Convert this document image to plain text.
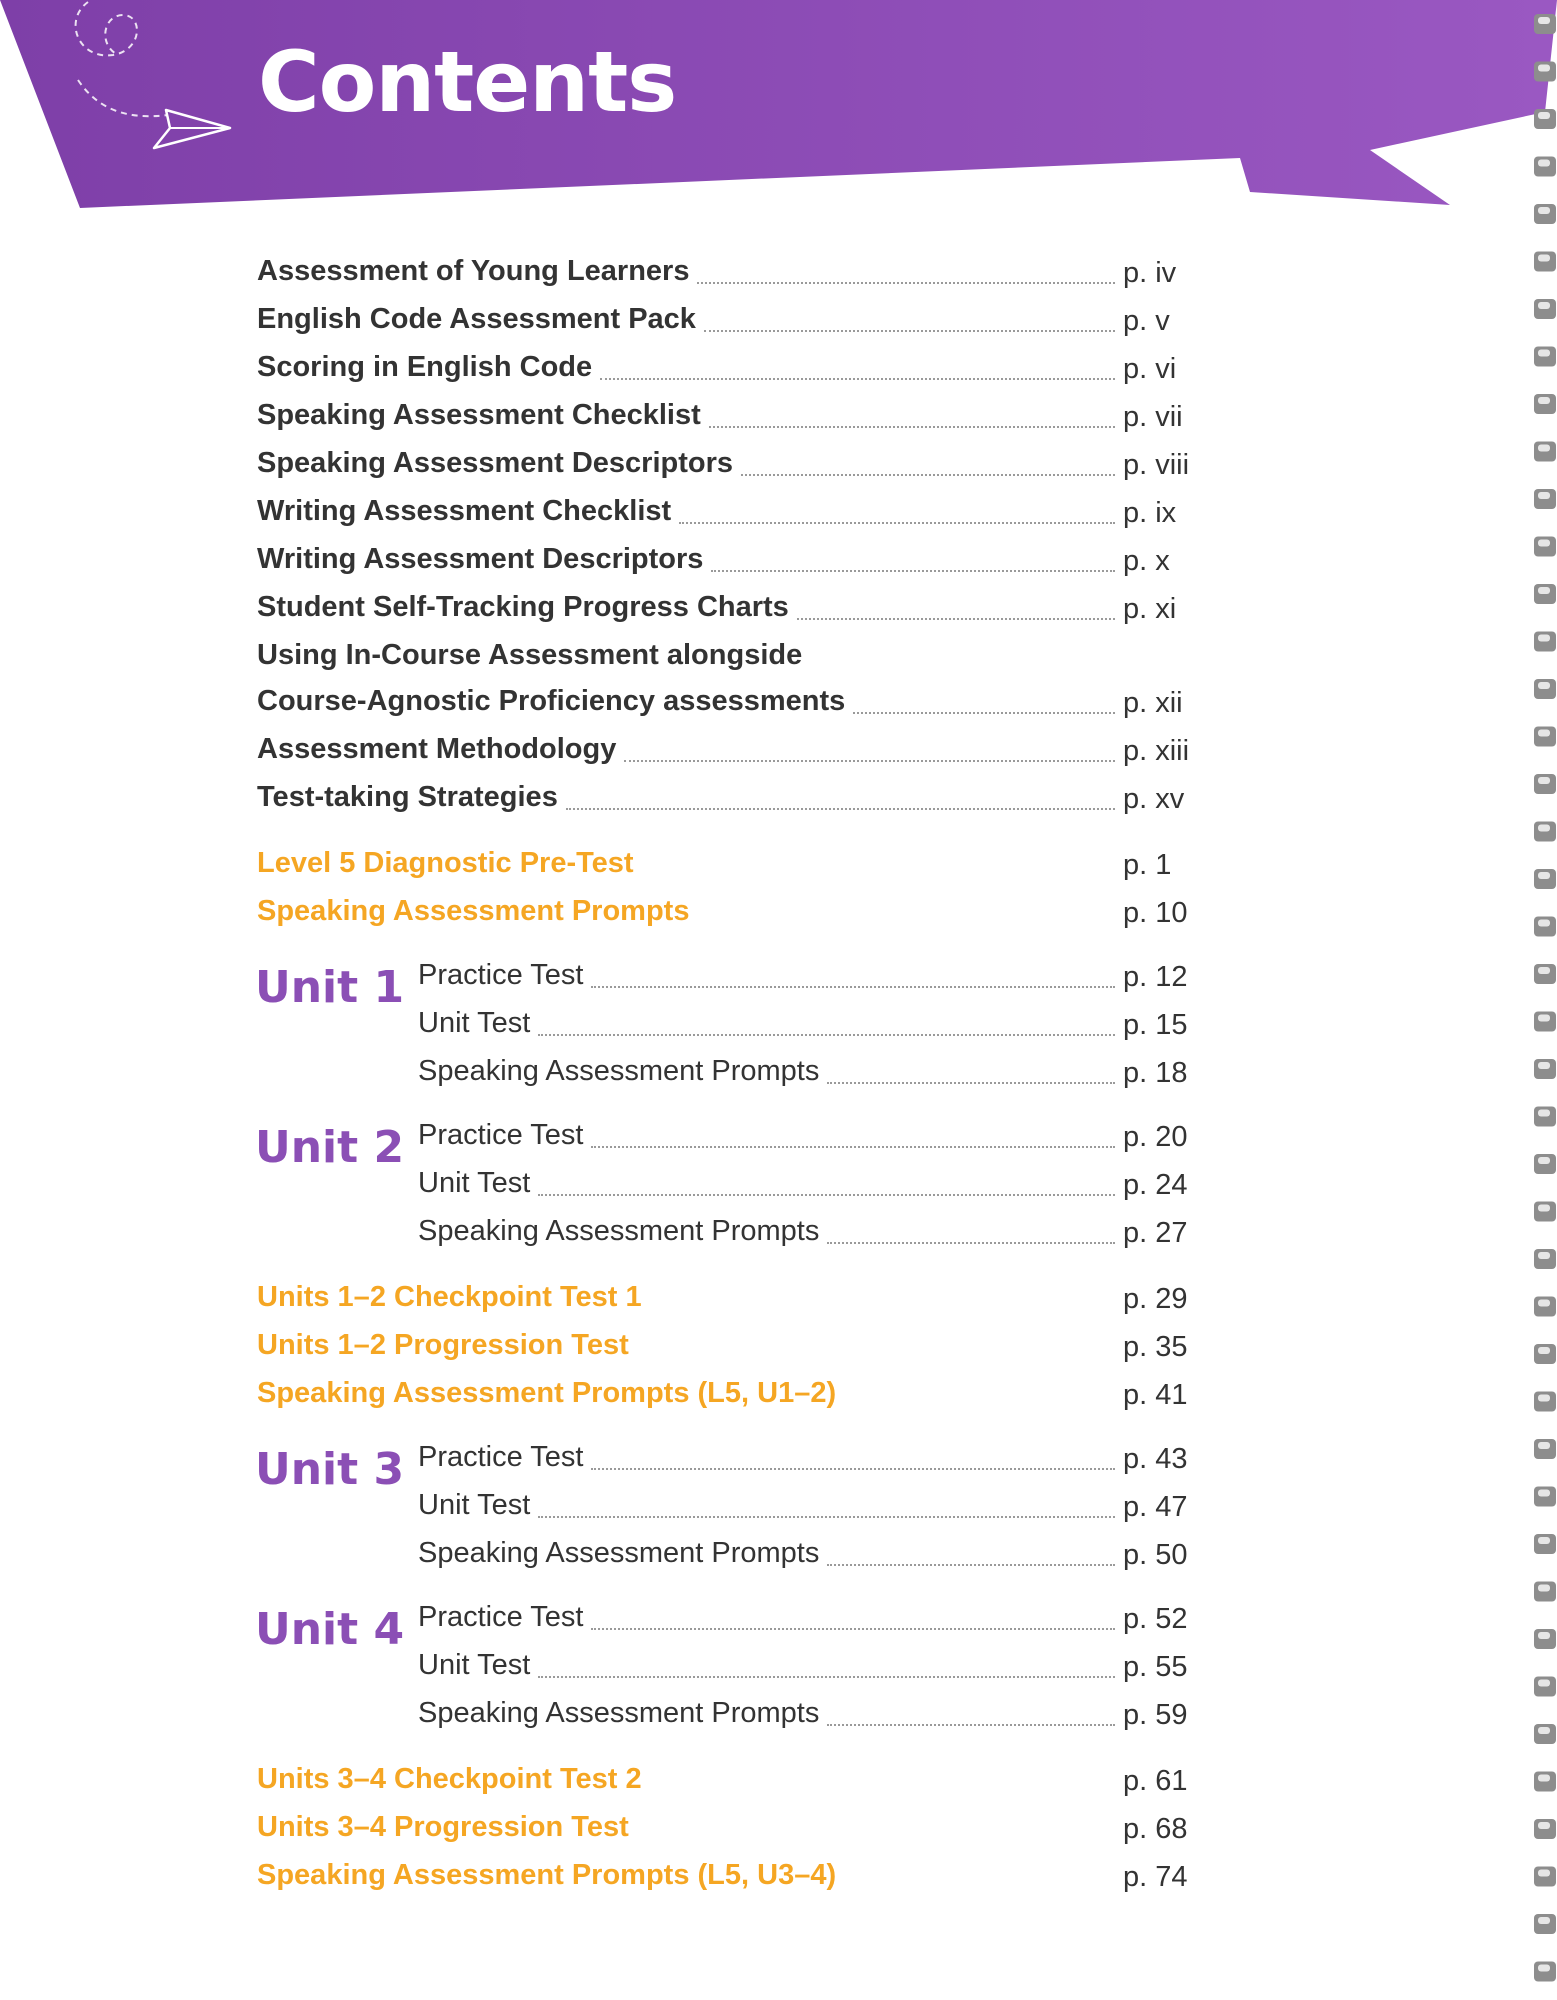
Contents
Assessment of Young Learners	p. iv
English Code Assessment Pack	p. v
Scoring in English Code	p. vi
Speaking Assessment Checklist	p. vii
Speaking Assessment Descriptors	p. viii
Writing Assessment Checklist	p. ix
Writing Assessment Descriptors	p. x
Student Self-Tracking Progress Charts	p. xi
Using In-Course Assessment alongside
Course-Agnostic Proficiency assessments	p. xii
Assessment Methodology	p. xiii
Test-taking Strategies	p. xv
Level 5 Diagnostic Pre-Test	p. 1
Speaking Assessment Prompts	p. 10
Unit 1 Practice Test	p. 12
Unit Test	p. 15
Speaking Assessment Prompts	p. 18
Unit 2 Practice Test	p. 20
Unit Test	p. 24
Speaking Assessment Prompts	p. 27
Units 1–2 Checkpoint Test 1	p. 29
Units 1–2 Progression Test	p. 35
Speaking Assessment Prompts (L5, U1–2)	p. 41
Unit 3 Practice Test	p. 43
Unit Test	p. 47
Speaking Assessment Prompts	p. 50
Unit 4 Practice Test	p. 52
Unit Test	p. 55
Speaking Assessment Prompts	p. 59
Units 3–4 Checkpoint Test 2	p. 61
Units 3–4 Progression Test	p. 68
Speaking Assessment Prompts (L5, U3–4)	p. 74
